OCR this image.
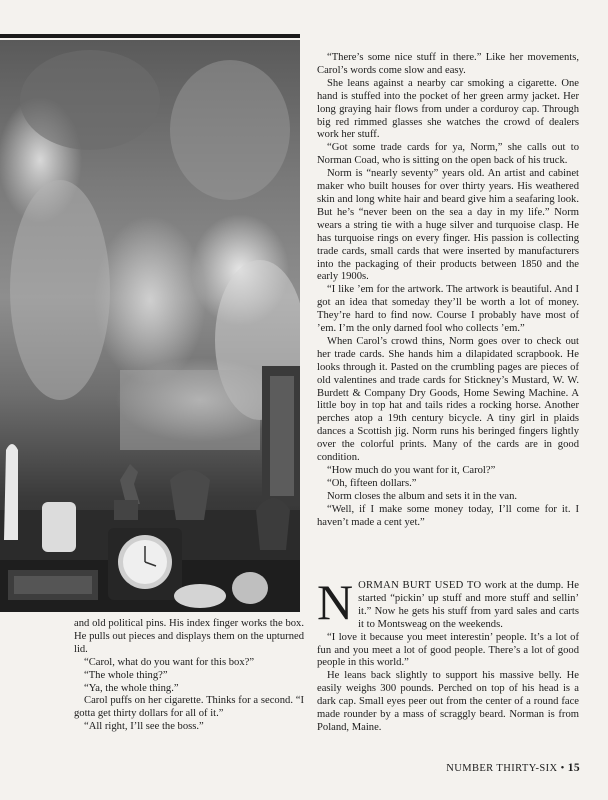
and old political pins. His index finger works the box. He pulls out pieces and displays them on the upturned lid.

“Carol, what do you want for this box?”

“The whole thing?”

“Ya, the whole thing.”

Carol puffs on her cigarette. Thinks for a second. “I gotta get thirty dollars for all of it.”

“All right, I’ll see the boss.”

“There’s some nice stuff in there.” Like her movements, Carol’s words come slow and easy.

She leans against a nearby car smoking a cigarette. One hand is stuffed into the pocket of her green army jacket. Her long graying hair flows from under a corduroy cap. Through big red rimmed glasses she watches the crowd of dealers work her stuff.

“Got some trade cards for ya, Norm,” she calls out to Norman Coad, who is sitting on the open back of his truck.

Norm is “nearly seventy” years old. An artist and cabinet maker who built houses for over thirty years. His weathered skin and long white hair and beard give him a seafaring look. But he’s “never been on the sea a day in my life.” Norm wears a string tie with a huge silver and turquoise clasp. He has turquoise rings on every finger. His passion is collecting trade cards, small cards that were inserted by manufacturers into the packaging of their products between 1850 and the early 1900s.

“I like ’em for the artwork. The artwork is beautiful. And I got an idea that someday they’ll be worth a lot of money. They’re hard to find now. Course I probably have most of ’em. I’m the only darned fool who collects ’em.”

When Carol’s crowd thins, Norm goes over to check out her trade cards. She hands him a dilapidated scrapbook. He looks through it. Pasted on the crumbling pages are pieces of old valentines and trade cards for Stickney’s Mustard, W. W. Burdett & Company Dry Goods, Home Sewing Machine. A little boy in top hat and tails rides a rocking horse. Another perches atop a 19th century bicycle. A tiny girl in plaids dances a Scottish jig. Norm runs his beringed fingers lightly over the colorful prints. Many of the cards are in good condition.

“How much do you want for it, Carol?”

“Oh, fifteen dollars.”

Norm closes the album and sets it in the van.

“Well, if I make some money today, I’ll come for it. I haven’t made a cent yet.”

NORMAN BURT USED TO work at the dump. He started “pickin’ up stuff and more stuff and sellin’ it.” Now he gets his stuff from yard sales and carts it to Montsweag on the weekends.

“I love it because you meet interestin’ people. It’s a lot of fun and you meet a lot of good people. There’s a lot of good people in this world.”

He leans back slightly to support his massive belly. He easily weighs 300 pounds. Perched on top of his head is a dark cap. Small eyes peer out from the center of a round face made rounder by a mass of scraggly beard. Norman is from Poland, Maine.

NUMBER THIRTY-SIX • 15
